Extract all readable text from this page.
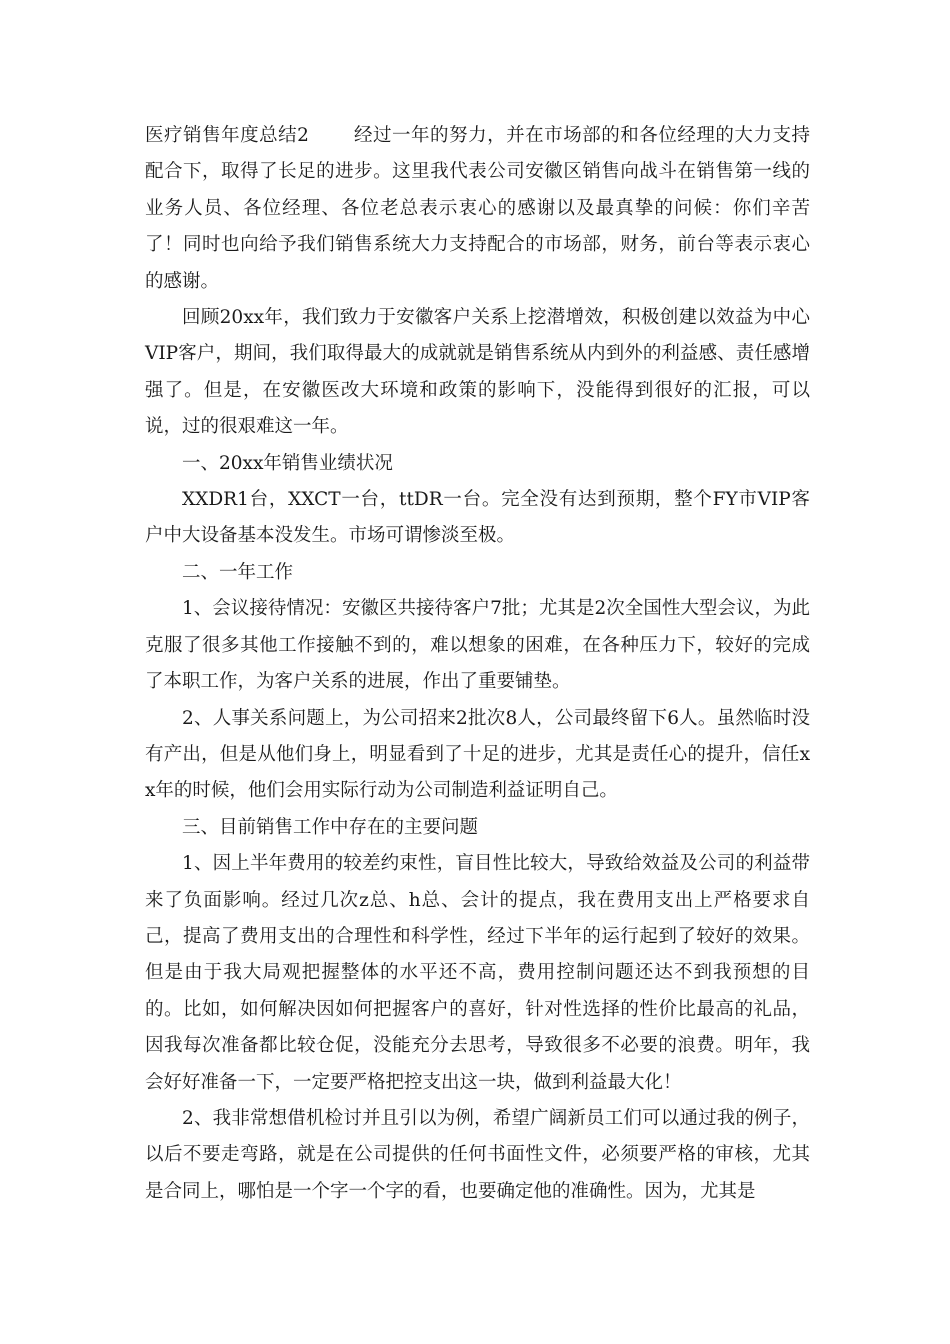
医疗销售年度总结2　　 经过一年的努力，并在市场部的和各位经理的大力支持配合下，取得了长足的进步。这里我代表公司安徽区销售向战斗在销售第一线的业务人员、各位经理、各位老总表示衷心的感谢以及最真挚的问候：你们辛苦了！同时也向给予我们销售系统大力支持配合的市场部，财务，前台等表示衷心的感谢。

回顾20xx年，我们致力于安徽客户关系上挖潜增效，积极创建以效益为中心VIP客户，期间，我们取得最大的成就就是销售系统从内到外的利益感、责任感增强了。但是，在安徽医改大环境和政策的影响下，没能得到很好的汇报，可以说，过的很艰难这一年。

一、20xx年销售业绩状况

XXDR1台，XXCT一台，ttDR一台。完全没有达到预期，整个FY市VIP客户中大设备基本没发生。市场可谓惨淡至极。

二、一年工作

1、会议接待情况：安徽区共接待客户7批；尤其是2次全国性大型会议，为此克服了很多其他工作接触不到的，难以想象的困难，在各种压力下，较好的完成了本职工作，为客户关系的进展，作出了重要铺垫。

2、人事关系问题上，为公司招来2批次8人，公司最终留下6人。虽然临时没有产出，但是从他们身上，明显看到了十足的进步，尤其是责任心的提升，信任xx年的时候，他们会用实际行动为公司制造利益证明自己。

三、目前销售工作中存在的主要问题

1、因上半年费用的较差约束性，盲目性比较大，导致给效益及公司的利益带来了负面影响。经过几次z总、h总、会计的提点，我在费用支出上严格要求自己，提高了费用支出的合理性和科学性，经过下半年的运行起到了较好的效果。但是由于我大局观把握整体的水平还不高，费用控制问题还达不到我预想的目的。比如，如何解决因如何把握客户的喜好，针对性选择的性价比最高的礼品，因我每次准备都比较仓促，没能充分去思考，导致很多不必要的浪费。明年，我会好好准备一下，一定要严格把控支出这一块，做到利益最大化！

2、我非常想借机检讨并且引以为例，希望广阔新员工们可以通过我的例子，以后不要走弯路，就是在公司提供的任何书面性文件，必须要严格的审核，尤其是合同上，哪怕是一个字一个字的看，也要确定他的准确性。因为，尤其是
